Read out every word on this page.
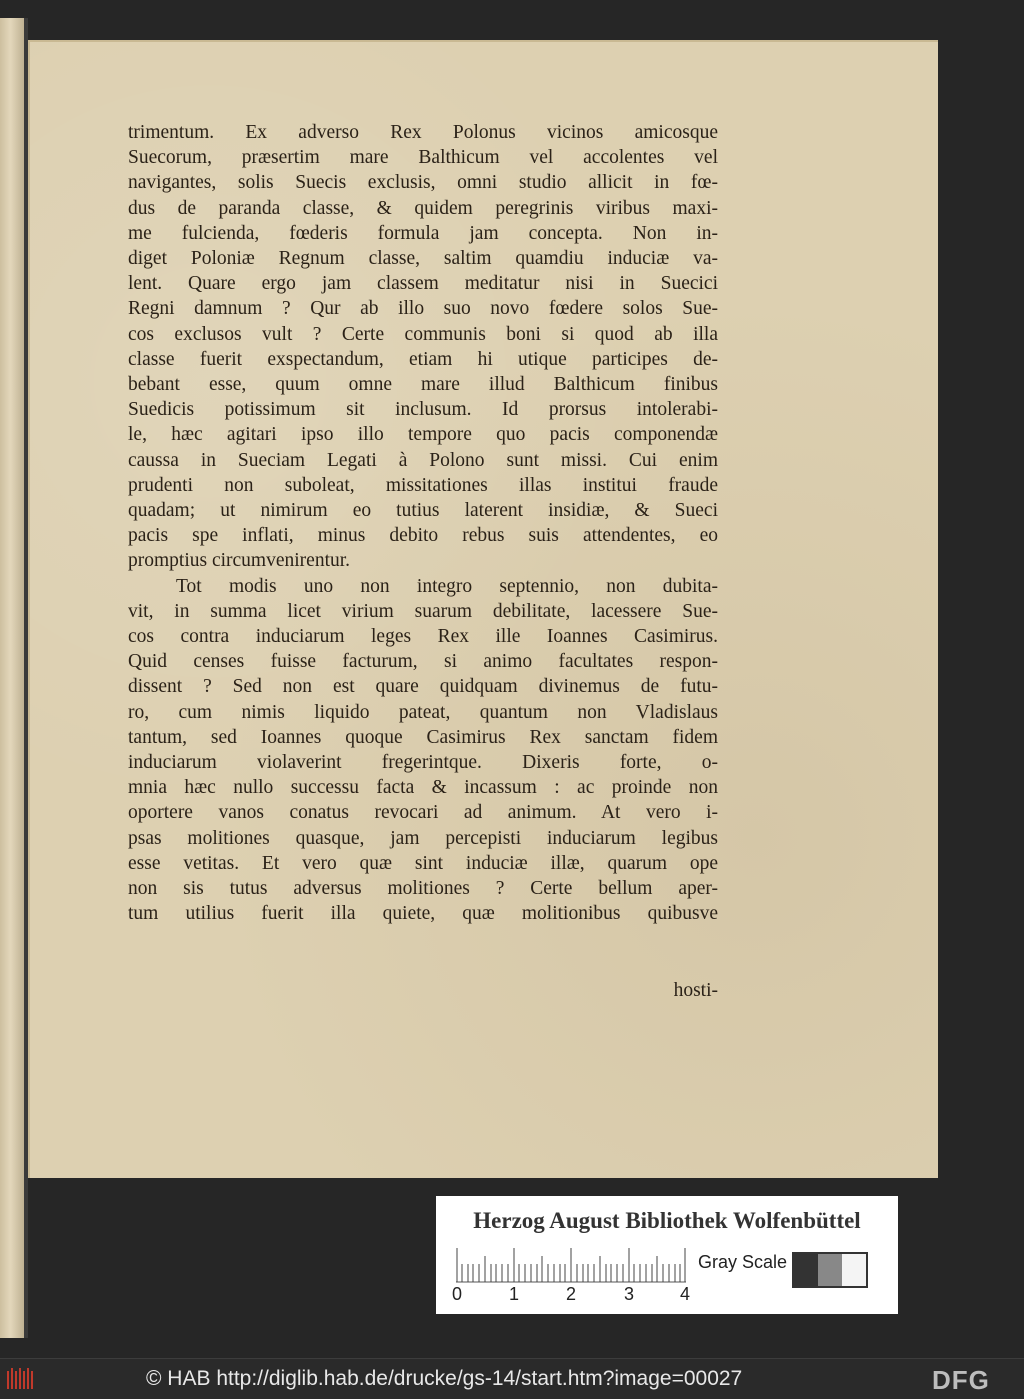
trimentum. Ex adverso Rex Polonus vicinos amicosque
Suecorum, præsertim mare Balthicum vel accolentes vel
navigantes, solis Suecis exclusis, omni studio allicit in fœ-
dus de paranda classe, & quidem peregrinis viribus maxi-
me fulcienda, fœderis formula jam concepta. Non in-
diget Poloniæ Regnum classe, saltim quamdiu induciæ va-
lent. Quare ergo jam classem meditatur nisi in Suecici
Regni damnum ? Qur ab illo suo novo fœdere solos Sue-
cos exclusos vult ? Certe communis boni si quod ab illa
classe fuerit exspectandum, etiam hi utique participes de-
bebant esse, quum omne mare illud Balthicum finibus
Suedicis potissimum sit inclusum. Id prorsus intolerabi-
le, hæc agitari ipso illo tempore quo pacis componendæ
caussa in Sueciam Legati à Polono sunt missi. Cui enim
prudenti non suboleat, missitationes illas institui fraude
quadam; ut nimirum eo tutius laterent insidiæ, & Sueci
pacis spe inflati, minus debito rebus suis attendentes, eo
promptius circumvenirentur.
Tot modis uno non integro septennio, non dubita-
vit, in summa licet virium suarum debilitate, lacessere Sue-
cos contra induciarum leges Rex ille Ioannes Casimirus.
Quid censes fuisse facturum, si animo facultates respon-
dissent ? Sed non est quare quidquam divinemus de futu-
ro, cum nimis liquido pateat, quantum non Vladislaus
tantum, sed Ioannes quoque Casimirus Rex sanctam fidem
induciarum violaverint fregerintque. Dixeris forte, o-
mnia hæc nullo successu facta & incassum : ac proinde non
oportere vanos conatus revocari ad animum. At vero i-
psas molitiones quasque, jam percepisti induciarum legibus
esse vetitas. Et vero quæ sint induciæ illæ, quarum ope
non sis tutus adversus molitiones ? Certe bellum aper-
tum utilius fuerit illa quiete, quæ molitionibus quibusve

hosti-
Herzog August Bibliothek Wolfenbüttel
0	1	2	3	4
Gray Scale
© HAB http://diglib.hab.de/drucke/gs-14/start.htm?image=00027	DFG
